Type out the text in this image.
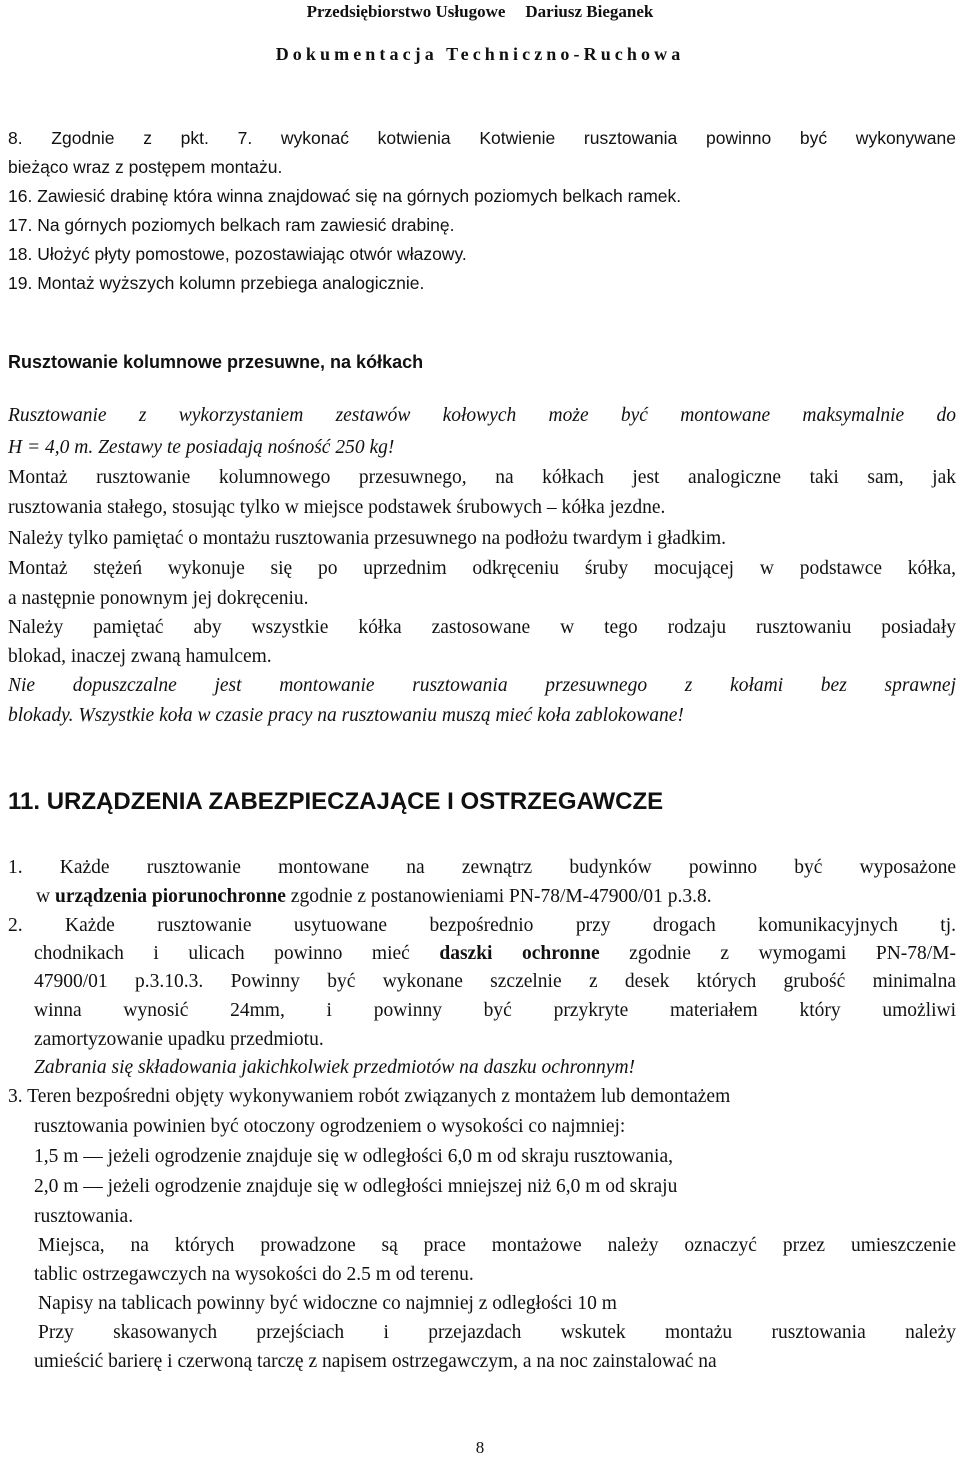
Przedsiębiorstwo Usługowe Dariusz Bieganek
Dokumentacja Techniczno-Ruchowa
8. Zgodnie z pkt. 7. wykonać kotwienia Kotwienie rusztowania powinno być wykonywane
bieżąco wraz z postępem montażu.
16. Zawiesić drabinę która winna znajdować się na górnych poziomych belkach ramek.
17. Na górnych poziomych belkach ram zawiesić drabinę.
18. Ułożyć płyty pomostowe, pozostawiając otwór włazowy.
19. Montaż wyższych kolumn przebiega analogicznie.
Rusztowanie kolumnowe przesuwne, na kółkach
Rusztowanie z wykorzystaniem zestawów kołowych może być montowane maksymalnie do
H = 4,0 m. Zestawy te posiadają nośność 250 kg!
Montaż rusztowanie kolumnowego przesuwnego, na kółkach jest analogiczne taki sam, jak
rusztowania stałego, stosując tylko w miejsce podstawek śrubowych – kółka jezdne.
Należy tylko pamiętać o montażu rusztowania przesuwnego na podłożu twardym i gładkim.
Montaż stężeń wykonuje się po uprzednim odkręceniu śruby mocującej w podstawce kółka,
a następnie ponownym jej dokręceniu.
Należy pamiętać aby wszystkie kółka zastosowane w tego rodzaju rusztowaniu posiadały
blokad, inaczej zwaną hamulcem.
Nie dopuszczalne jest montowanie rusztowania przesuwnego z kołami bez sprawnej
blokady. Wszystkie koła w czasie pracy na rusztowaniu muszą mieć koła zablokowane!
11. URZĄDZENIA ZABEZPIECZAJĄCE I OSTRZEGAWCZE
1. Każde rusztowanie montowane na zewnątrz budynków powinno być wyposażone
w urządzenia piorunochronne zgodnie z postanowieniami PN-78/M-47900/01 p.3.8.
2. Każde rusztowanie usytuowane bezpośrednio przy drogach komunikacyjnych tj.
chodnikach i ulicach powinno mieć daszki ochronne zgodnie z wymogami PN-78/M-
47900/01 p.3.10.3. Powinny być wykonane szczelnie z desek których grubość minimalna
winna wynosić 24mm, i powinny być przykryte materiałem który umożliwi
zamortyzowanie upadku przedmiotu.
Zabrania się składowania jakichkolwiek przedmiotów na daszku ochronnym!
3. Teren bezpośredni objęty wykonywaniem robót związanych z montażem lub demontażem
rusztowania powinien być otoczony ogrodzeniem o wysokości co najmniej:
1,5 m — jeżeli ogrodzenie znajduje się w odległości 6,0 m od skraju rusztowania,
2,0 m — jeżeli ogrodzenie znajduje się w odległości mniejszej niż 6,0 m od skraju
rusztowania.
Miejsca, na których prowadzone są prace montażowe należy oznaczyć przez umieszczenie
tablic ostrzegawczych na wysokości do 2.5 m od terenu.
Napisy na tablicach powinny być widoczne co najmniej z odległości 10 m
Przy skasowanych przejściach i przejazdach wskutek montażu rusztowania należy
umieścić barierę i czerwoną tarczę z napisem ostrzegawczym, a na noc zainstalować na
8
